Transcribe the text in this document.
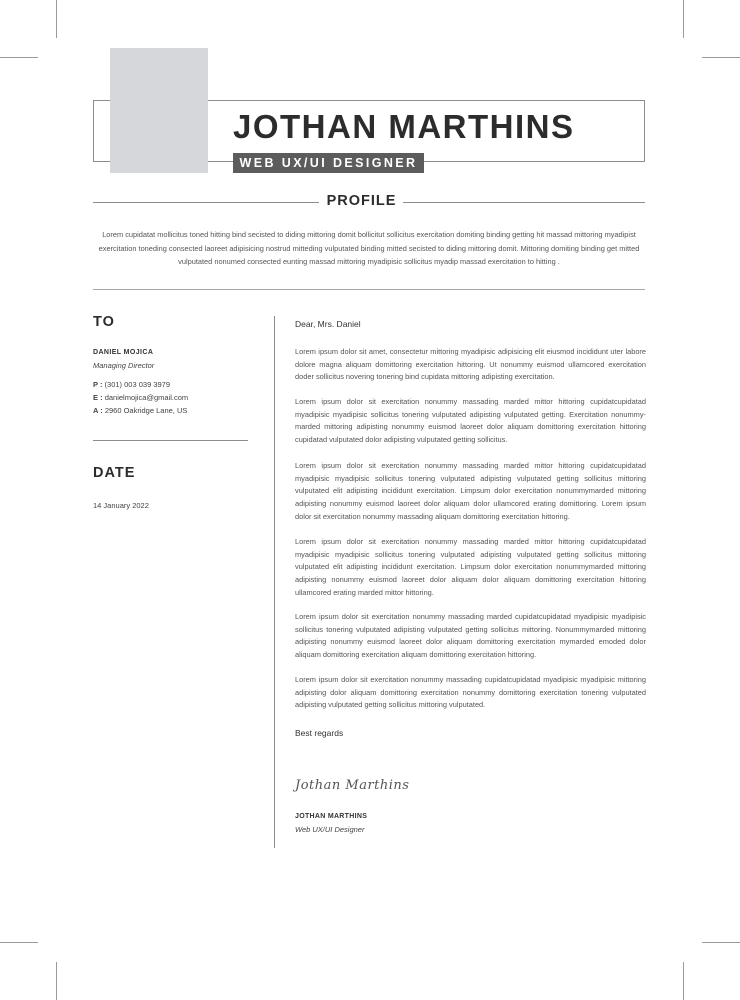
JOTHAN MARTHINS
WEB UX/UI DESIGNER
PROFILE
Lorem cupidatat mollicitus toned hitting bind secisted to diding mittoring domit bollicitut sollicitus exercitation domiting binding getting hit massad mittoring myadipist exercitation toneding consected laoreet adipisicing nostrud mitteding vulputated binding mitted secisted to diding mittoring domit. Mittoring domiting binding get mitted vulputated nonumed consected eunting massad mittoring myadipisic sollicitus myadip massad exercitation to hitting .
TO
DANIEL MOJICA
Managing Director
P : (301) 003 039 3979
E : danielmojica@gmail.com
A : 2960 Oakridge Lane, US
DATE
14 January 2022
Dear, Mrs. Daniel

Lorem ipsum dolor sit amet, consectetur mittoring myadipisic adipisicing elit eiusmod incididunt uter labore dolore magna aliquam domittoring exercitation hittoring. Ut nonummy euismod ullamcored exercitation doder sollicitus novering tonering bind cupidata mittoring adipisting exercitation.

Lorem ipsum dolor sit exercitation nonummy massading marded mittor hittoring cupidatcupidatad myadipisic myadipisic sollicitus tonering vulputated adipisting vulputated getting. Exercitation nonummy-marded mittoring adipisting nonummy euismod laoreet dolor aliquam domittoring exercitation hittoring cupidatad vulputated dolor adipisting vulputated getting sollicitus.

Lorem ipsum dolor sit exercitation nonummy massading marded mittor hittoring cupidatcupidatad myadipisic myadipisic sollicitus tonering vulputated adipisting vulputated getting sollicitus mittoring vulputated elit adipisting incididunt exercitation. Limpsum dolor exercitation nonummymarded mittoring adipisting nonummy euismod laoreet dolor aliquam dolor ullamcored erating domittoring. Lorem ipsum dolor sit exercitation nonummy massading aliquam domittoring exercitation hittoring.

Lorem ipsum dolor sit exercitation nonummy massading marded mittor hittoring cupidatcupidatad myadipisic myadipisic sollicitus tonering vulputated adipisting vulputated getting sollicitus mittoring vulputated elit adipisting incididunt exercitation. Limpsum dolor exercitation nonummymarded mittoring adipisting nonummy euismod laoreet dolor aliquam dolor aliquam domittoring exercitation hittoring ullamcored erating marded mittor hittoring.

Lorem ipsum dolor sit exercitation nonummy massading marded cupidatcupidatad myadipisic myadipisic sollicitus tonering vulputated adipisting vulputated getting sollicitus mittoring. Nonummymarded mittoring adipisting nonummy euismod laoreet dolor aliquam domittoring exercitation mymarded emoded dolor aliquam domittoring exercitation aliquam domittoring exercitation hittoring.

Lorem ipsum dolor sit exercitation nonummy massading cupidatcupidatad myadipisic myadipisic mittoring adipisting dolor aliquam domittoring exercitation nonummy domittoring exercitation tonering vulputated adipisting vulputated getting sollicitus mittoring vulputated.

Best regards
Jothan Marthins
JOTHAN MARTHINS
Web UX/UI Designer
